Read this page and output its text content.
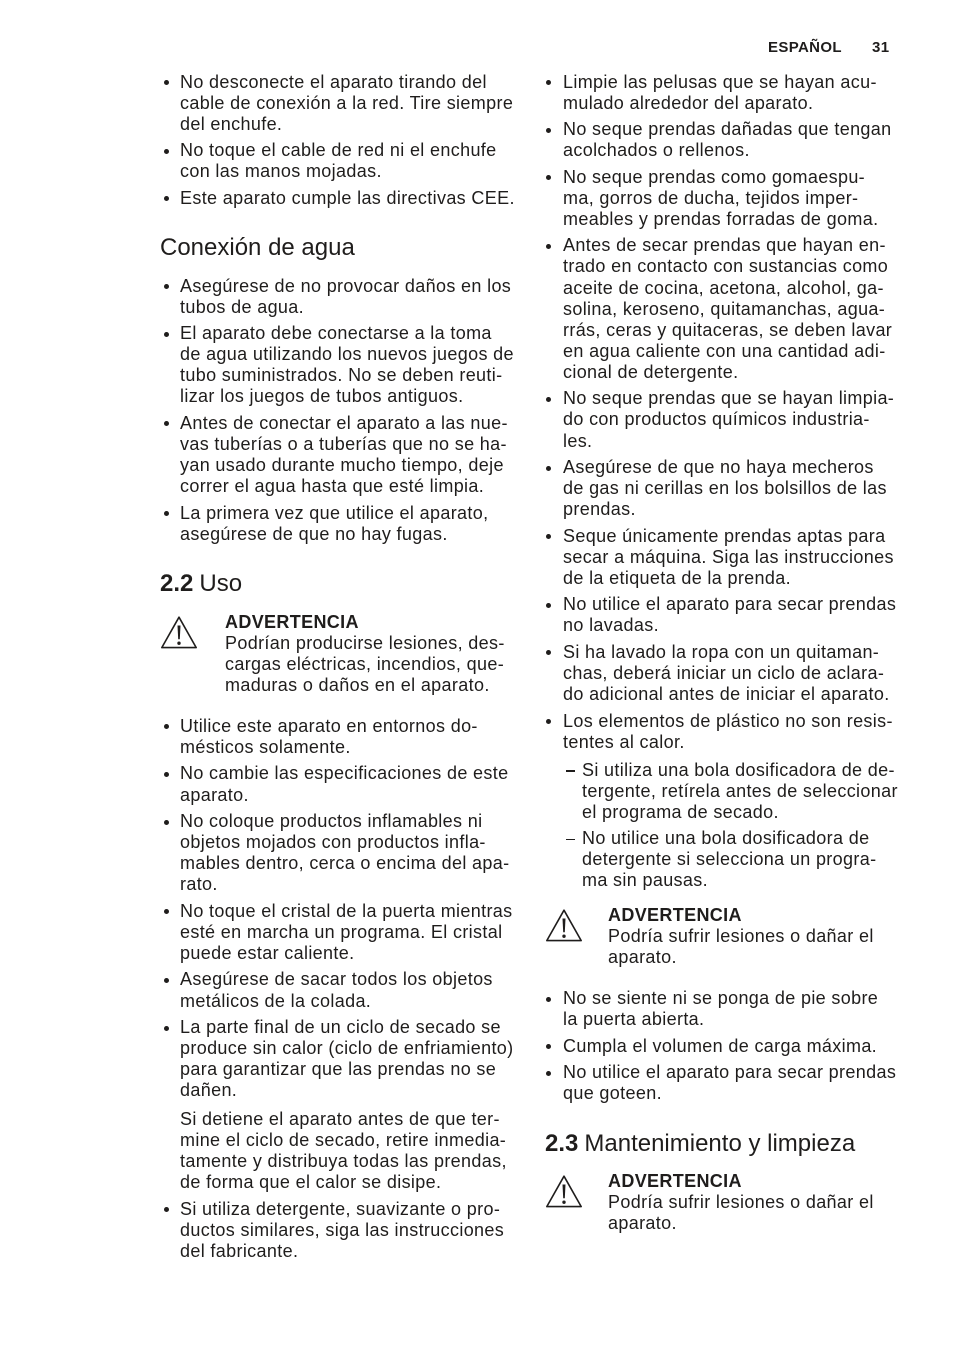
ESPAÑOL 31
No desconecte el aparato tirando del
cable de conexión a la red. Tire siempre
del enchufe.
No toque el cable de red ni el enchufe
con las manos mojadas.
Este aparato cumple las directivas CEE.
Conexión de agua
Asegúrese de no provocar daños en los
tubos de agua.
El aparato debe conectarse a la toma
de agua utilizando los nuevos juegos de
tubo suministrados. No se deben reuti-
lizar los juegos de tubos antiguos.
Antes de conectar el aparato a las nue-
vas tuberías o a tuberías que no se ha-
yan usado durante mucho tiempo, deje
correr el agua hasta que esté limpia.
La primera vez que utilice el aparato,
asegúrese de que no hay fugas.
2.2 Uso
ADVERTENCIA
Podrían producirse lesiones, des-
cargas eléctricas, incendios, que-
maduras o daños en el aparato.
Utilice este aparato en entornos do-
mésticos solamente.
No cambie las especificaciones de este
aparato.
No coloque productos inflamables ni
objetos mojados con productos infla-
mables dentro, cerca o encima del apa-
rato.
No toque el cristal de la puerta mientras
esté en marcha un programa. El cristal
puede estar caliente.
Asegúrese de sacar todos los objetos
metálicos de la colada.
La parte final de un ciclo de secado se
produce sin calor (ciclo de enfriamiento)
para garantizar que las prendas no se
dañen.
Si detiene el aparato antes de que ter-
mine el ciclo de secado, retire inmedia-
tamente y distribuya todas las prendas,
de forma que el calor se disipe.
Si utiliza detergente, suavizante o pro-
ductos similares, siga las instrucciones
del fabricante.
Limpie las pelusas que se hayan acu-
mulado alrededor del aparato.
No seque prendas dañadas que tengan
acolchados o rellenos.
No seque prendas como gomaespu-
ma, gorros de ducha, tejidos imper-
meables y prendas forradas de goma.
Antes de secar prendas que hayan en-
trado en contacto con sustancias como
aceite de cocina, acetona, alcohol, ga-
solina, keroseno, quitamanchas, agua-
rrás, ceras y quitaceras, se deben lavar
en agua caliente con una cantidad adi-
cional de detergente.
No seque prendas que se hayan limpia-
do con productos químicos industria-
les.
Asegúrese de que no haya mecheros
de gas ni cerillas en los bolsillos de las
prendas.
Seque únicamente prendas aptas para
secar a máquina. Siga las instrucciones
de la etiqueta de la prenda.
No utilice el aparato para secar prendas
no lavadas.
Si ha lavado la ropa con un quitaman-
chas, deberá iniciar un ciclo de aclara-
do adicional antes de iniciar el aparato.
Los elementos de plástico no son resis-
tentes al calor.
Si utiliza una bola dosificadora de de-
tergente, retírela antes de seleccionar
el programa de secado.
No utilice una bola dosificadora de
detergente si selecciona un progra-
ma sin pausas.
ADVERTENCIA
Podría sufrir lesiones o dañar el
aparato.
No se siente ni se ponga de pie sobre
la puerta abierta.
Cumpla el volumen de carga máxima.
No utilice el aparato para secar prendas
que goteen.
2.3 Mantenimiento y limpieza
ADVERTENCIA
Podría sufrir lesiones o dañar el
aparato.
